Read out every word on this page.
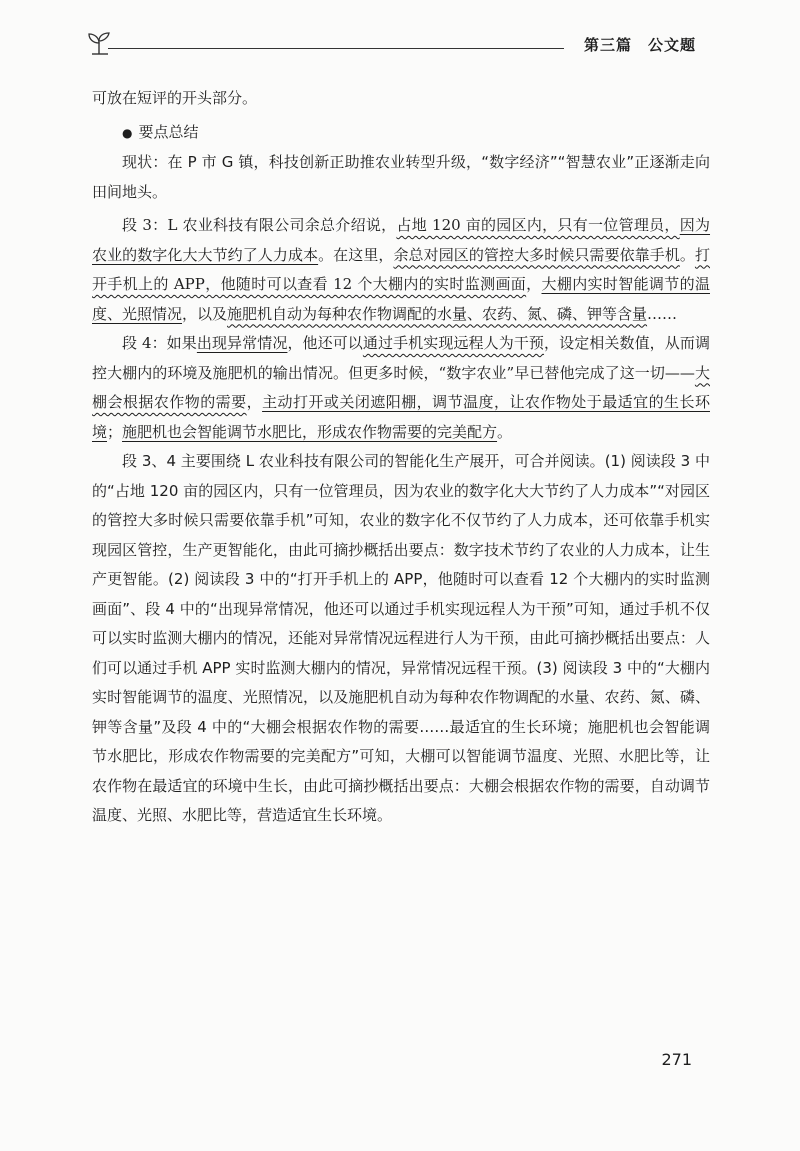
第三篇　公文题

可放在短评的开头部分。

● 要点总结

现状：在 P 市 G 镇，科技创新正助推农业转型升级，“数字经济”“智慧农业”正逐渐走向田间地头。

段 3：L 农业科技有限公司余总介绍说，占地 120 亩的园区内，只有一位管理员，因为农业的数字化大大节约了人力成本。在这里，余总对园区的管控大多时候只需要依靠手机。打开手机上的 APP，他随时可以查看 12 个大棚内的实时监测画面，大棚内实时智能调节的温度、光照情况，以及施肥机自动为每种农作物调配的水量、农药、氮、磷、钾等含量……

段 4：如果出现异常情况，他还可以通过手机实现远程人为干预，设定相关数值，从而调控大棚内的环境及施肥机的输出情况。但更多时候，“数字农业”早已替他完成了这一切——大棚会根据农作物的需要，主动打开或关闭遮阳棚，调节温度，让农作物处于最适宜的生长环境；施肥机也会智能调节水肥比，形成农作物需要的完美配方。

段 3、4 主要围绕 L 农业科技有限公司的智能化生产展开，可合并阅读。(1) 阅读段 3 中的“占地 120 亩的园区内，只有一位管理员，因为农业的数字化大大节约了人力成本”“对园区的管控大多时候只需要依靠手机”可知，农业的数字化不仅节约了人力成本，还可依靠手机实现园区管控，生产更智能化，由此可摘抄概括出要点：数字技术节约了农业的人力成本，让生产更智能。(2) 阅读段 3 中的“打开手机上的 APP，他随时可以查看 12 个大棚内的实时监测画面”、段 4 中的“出现异常情况，他还可以通过手机实现远程人为干预”可知，通过手机不仅可以实时监测大棚内的情况，还能对异常情况远程进行人为干预，由此可摘抄概括出要点：人们可以通过手机 APP 实时监测大棚内的情况，异常情况远程干预。(3) 阅读段 3 中的“大棚内实时智能调节的温度、光照情况，以及施肥机自动为每种农作物调配的水量、农药、氮、磷、钾等含量”及段 4 中的“大棚会根据农作物的需要……最适宜的生长环境；施肥机也会智能调节水肥比，形成农作物需要的完美配方”可知，大棚可以智能调节温度、光照、水肥比等，让农作物在最适宜的环境中生长，由此可摘抄概括出要点：大棚会根据农作物的需要，自动调节温度、光照、水肥比等，营造适宜生长环境。

271
